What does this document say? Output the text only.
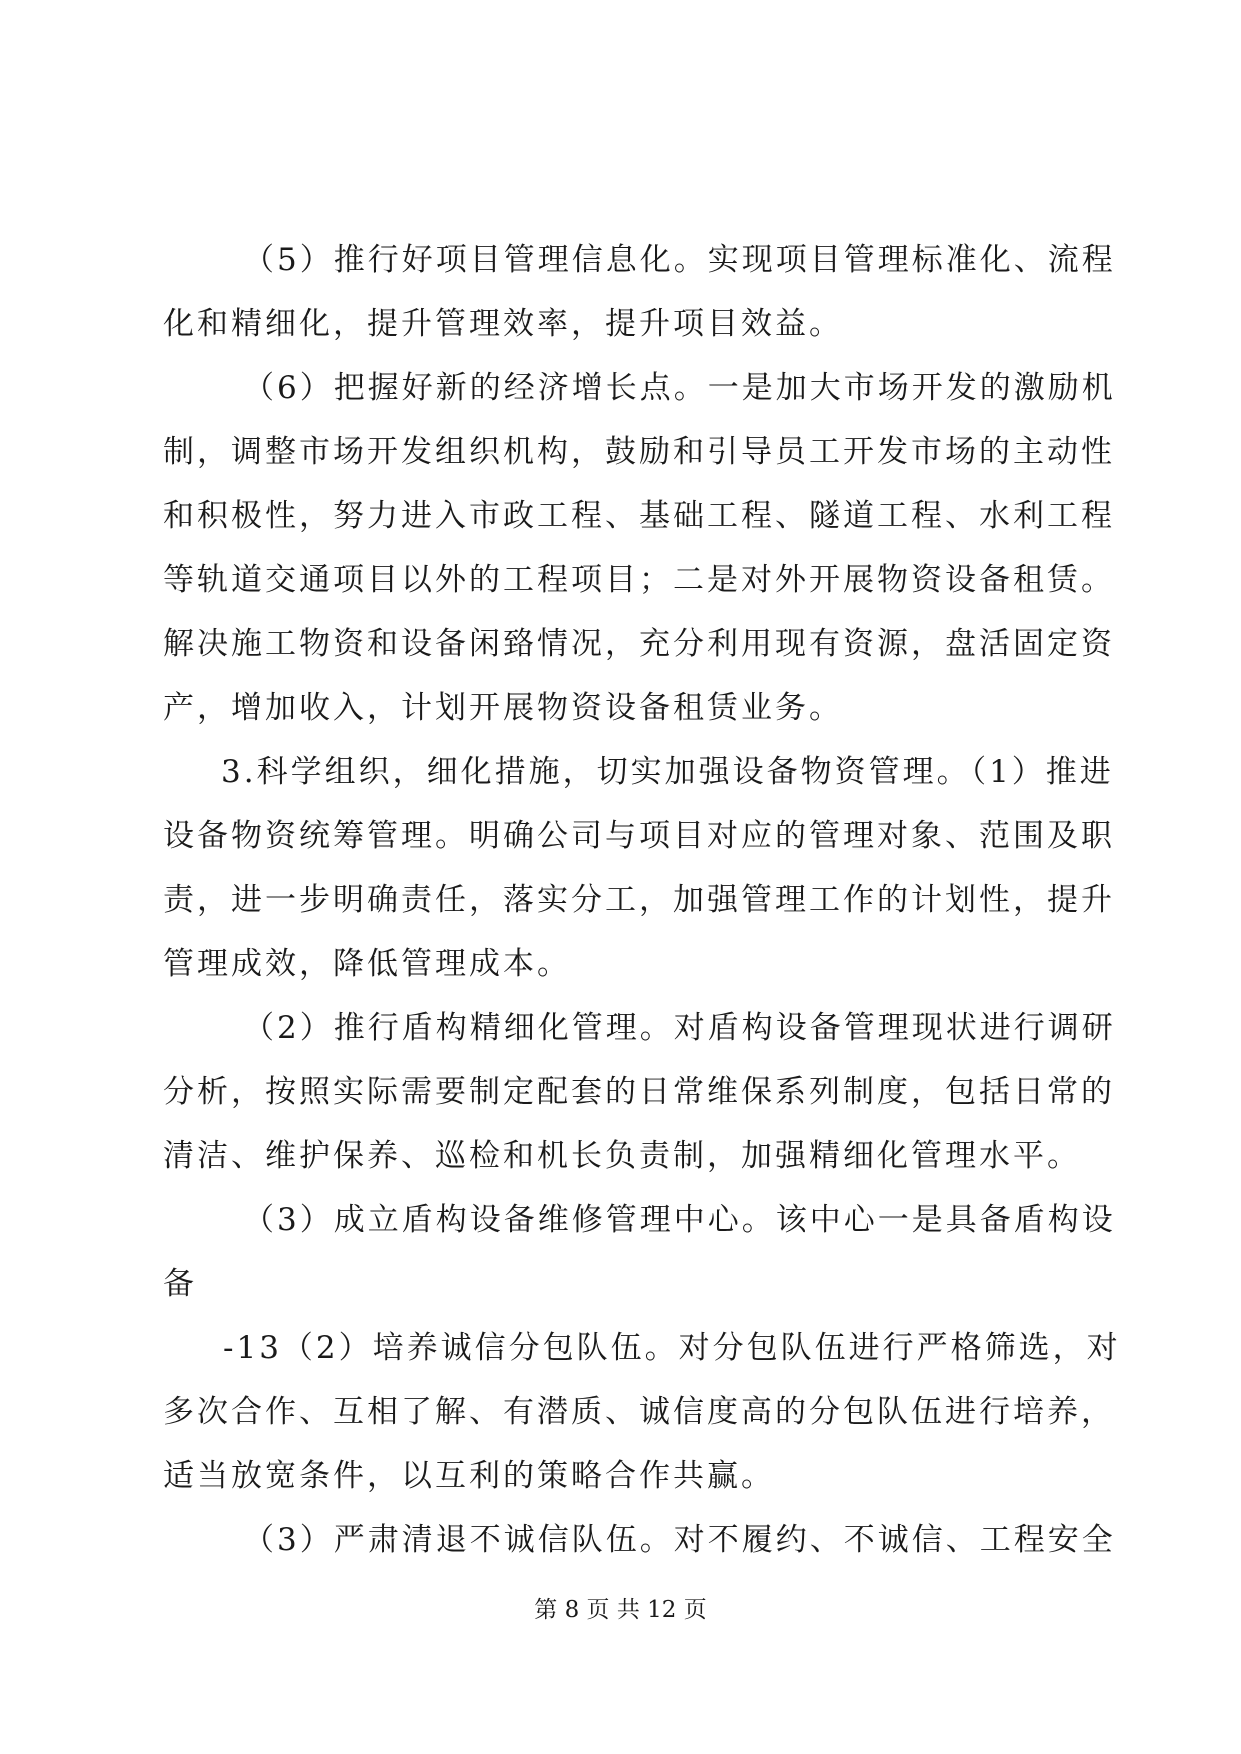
（5）推行好项目管理信息化。实现项目管理标准化、流程

化和精细化，提升管理效率，提升项目效益。

（6）把握好新的经济增长点。一是加大市场开发的激励机

制，调整市场开发组织机构，鼓励和引导员工开发市场的主动性

和积极性，努力进入市政工程、基础工程、隧道工程、水利工程

等轨道交通项目以外的工程项目；二是对外开展物资设备租赁。

解决施工物资和设备闲臵情况，充分利用现有资源，盘活固定资

产，增加收入，计划开展物资设备租赁业务。

3.科学组织，细化措施，切实加强设备物资管理。（1）推进

设备物资统筹管理。明确公司与项目对应的管理对象、范围及职

责，进一步明确责任，落实分工，加强管理工作的计划性，提升

管理成效，降低管理成本。

（2）推行盾构精细化管理。对盾构设备管理现状进行调研

分析，按照实际需要制定配套的日常维保系列制度，包括日常的

清洁、维护保养、巡检和机长负责制，加强精细化管理水平。

（3）成立盾构设备维修管理中心。该中心一是具备盾构设

备

-13（2）培养诚信分包队伍。对分包队伍进行严格筛选，对

多次合作、互相了解、有潜质、诚信度高的分包队伍进行培养，

适当放宽条件，以互利的策略合作共赢。

（3）严肃清退不诚信队伍。对不履约、不诚信、工程安全

第 8 页 共 12 页
